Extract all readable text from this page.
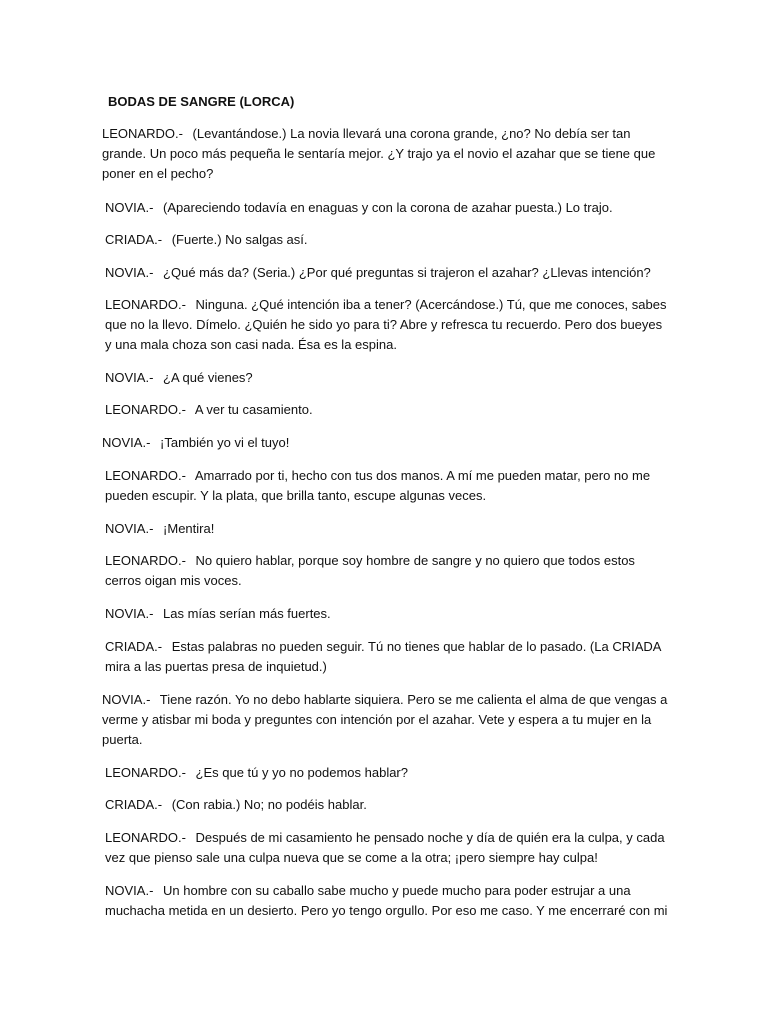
BODAS DE SANGRE (LORCA)

LEONARDO.- (Levantándose.) La novia llevará una corona grande, ¿no? No debía ser tan grande. Un poco más pequeña le sentaría mejor. ¿Y trajo ya el novio el azahar que se tiene que poner en el pecho?

NOVIA.- (Apareciendo todavía en enaguas y con la corona de azahar puesta.) Lo trajo.

CRIADA.- (Fuerte.) No salgas así.

NOVIA.- ¿Qué más da? (Seria.) ¿Por qué preguntas si trajeron el azahar? ¿Llevas intención?

LEONARDO.- Ninguna. ¿Qué intención iba a tener? (Acercándose.) Tú, que me conoces, sabes que no la llevo. Dímelo. ¿Quién he sido yo para ti? Abre y refresca tu recuerdo. Pero dos bueyes y una mala choza son casi nada. Ésa es la espina.

NOVIA.- ¿A qué vienes?

LEONARDO.- A ver tu casamiento.

NOVIA.- ¡También yo vi el tuyo!

LEONARDO.- Amarrado por ti, hecho con tus dos manos. A mí me pueden matar, pero no me pueden escupir. Y la plata, que brilla tanto, escupe algunas veces.

NOVIA.- ¡Mentira!

LEONARDO.- No quiero hablar, porque soy hombre de sangre y no quiero que todos estos cerros oigan mis voces.

NOVIA.- Las mías serían más fuertes.

CRIADA.- Estas palabras no pueden seguir. Tú no tienes que hablar de lo pasado. (La CRIADA mira a las puertas presa de inquietud.)

NOVIA.- Tiene razón. Yo no debo hablarte siquiera. Pero se me calienta el alma de que vengas a verme y atisbar mi boda y preguntes con intención por el azahar. Vete y espera a tu mujer en la puerta.

LEONARDO.- ¿Es que tú y yo no podemos hablar?

CRIADA.- (Con rabia.) No; no podéis hablar.

LEONARDO.- Después de mi casamiento he pensado noche y día de quién era la culpa, y cada vez que pienso sale una culpa nueva que se come a la otra; ¡pero siempre hay culpa!

NOVIA.- Un hombre con su caballo sabe mucho y puede mucho para poder estrujar a una muchacha metida en un desierto. Pero yo tengo orgullo. Por eso me caso. Y me encerraré con mi
